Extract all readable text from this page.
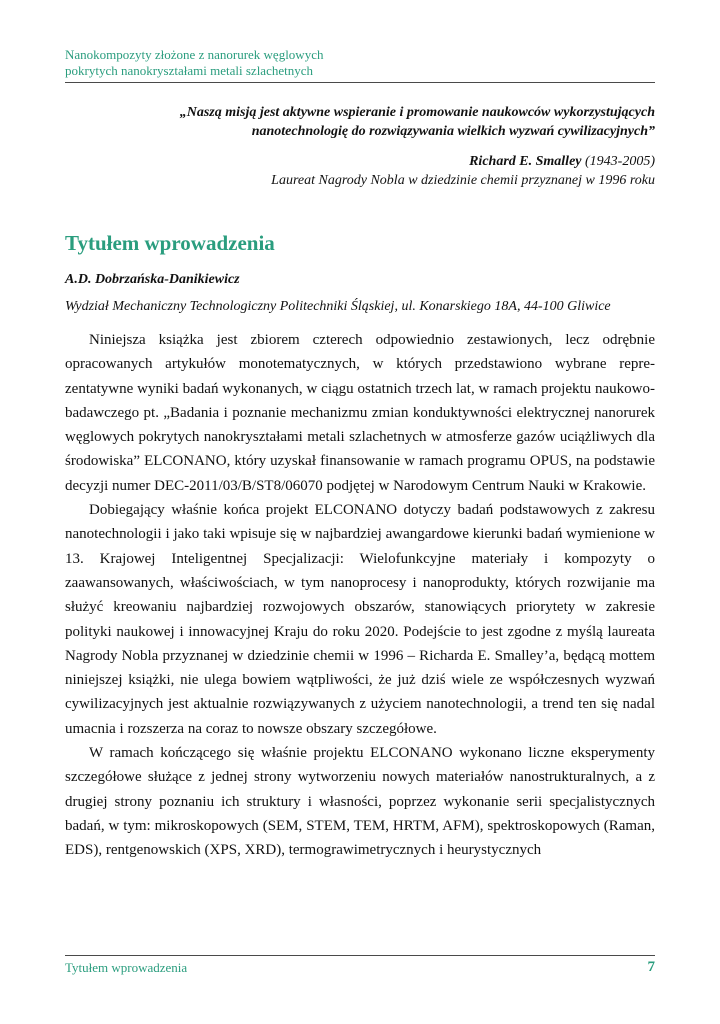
Nanokompozyty złożone z nanorurek węglowych
pokrytych nanokryształami metali szlachetnych
„Naszą misją jest aktywne wspieranie i promowanie naukowców wykorzystujących
nanotechnologię do rozwiązywania wielkich wyzwań cywilizacyjnych”
Richard E. Smalley (1943-2005)
Laureat Nagrody Nobla w dziedzinie chemii przyznanej w 1996 roku
Tytułem wprowadzenia
A.D. Dobrzańska-Danikiewicz
Wydział Mechaniczny Technologiczny Politechniki Śląskiej, ul. Konarskiego 18A, 44-100 Gliwice

Niniejsza książka jest zbiorem czterech odpowiednio zestawionych, lecz odrębnie opracowanych artykułów monotematycznych, w których przedstawiono wybrane reprezentatywne wyniki badań wykonanych, w ciągu ostatnich trzech lat, w ramach projektu naukowo-badawczego pt. „Badania i poznanie mechanizmu zmian konduktywności elektrycznej nanorurek węglowych pokrytych nanokryształami metali szlachetnych w atmosferze gazów uciążliwych dla środowiska” ELCONANO, który uzyskał finansowanie w ramach programu OPUS, na podstawie decyzji numer DEC-2011/03/B/ST8/06070 podjętej w Narodowym Centrum Nauki w Krakowie.

Dobiegający właśnie końca projekt ELCONANO dotyczy badań podstawowych z zakresu nanotechnologii i jako taki wpisuje się w najbardziej awangardowe kierunki badań wymienione w 13. Krajowej Inteligentnej Specjalizacji: Wielofunkcyjne materiały i kompozyty o zaawansowanych, właściwościach, w tym nanoprocesy i nanoprodukty, których rozwijanie ma służyć kreowaniu najbardziej rozwojowych obszarów, stanowiących priorytety w zakresie polityki naukowej i innowacyjnej Kraju do roku 2020. Podejście to jest zgodne z myślą laureata Nagrody Nobla przyznanej w dziedzinie chemii w 1996 – Richarda E. Smalley’a, będącą mottem niniejszej książki, nie ulega bowiem wątpliwości, że już dziś wiele ze współczesnych wyzwań cywilizacyjnych jest aktualnie rozwiązywanych z użyciem nanotechnologii, a trend ten się nadal umacnia i rozszerza na coraz to nowsze obszary szczegółowe.

W ramach kończącego się właśnie projektu ELCONANO wykonano liczne eksperymenty szczegółowe służące z jednej strony wytworzeniu nowych materiałów nanostrukturalnych, a z drugiej strony poznaniu ich struktury i własności, poprzez wykonanie serii specjalistycznych badań, w tym: mikroskopowych (SEM, STEM, TEM, HRTM, AFM), spektroskopowych (Raman, EDS), rentgenowskich (XPS, XRD), termograwimetrycznych i heurystycznych

Tytułem wprowadzenia	7
